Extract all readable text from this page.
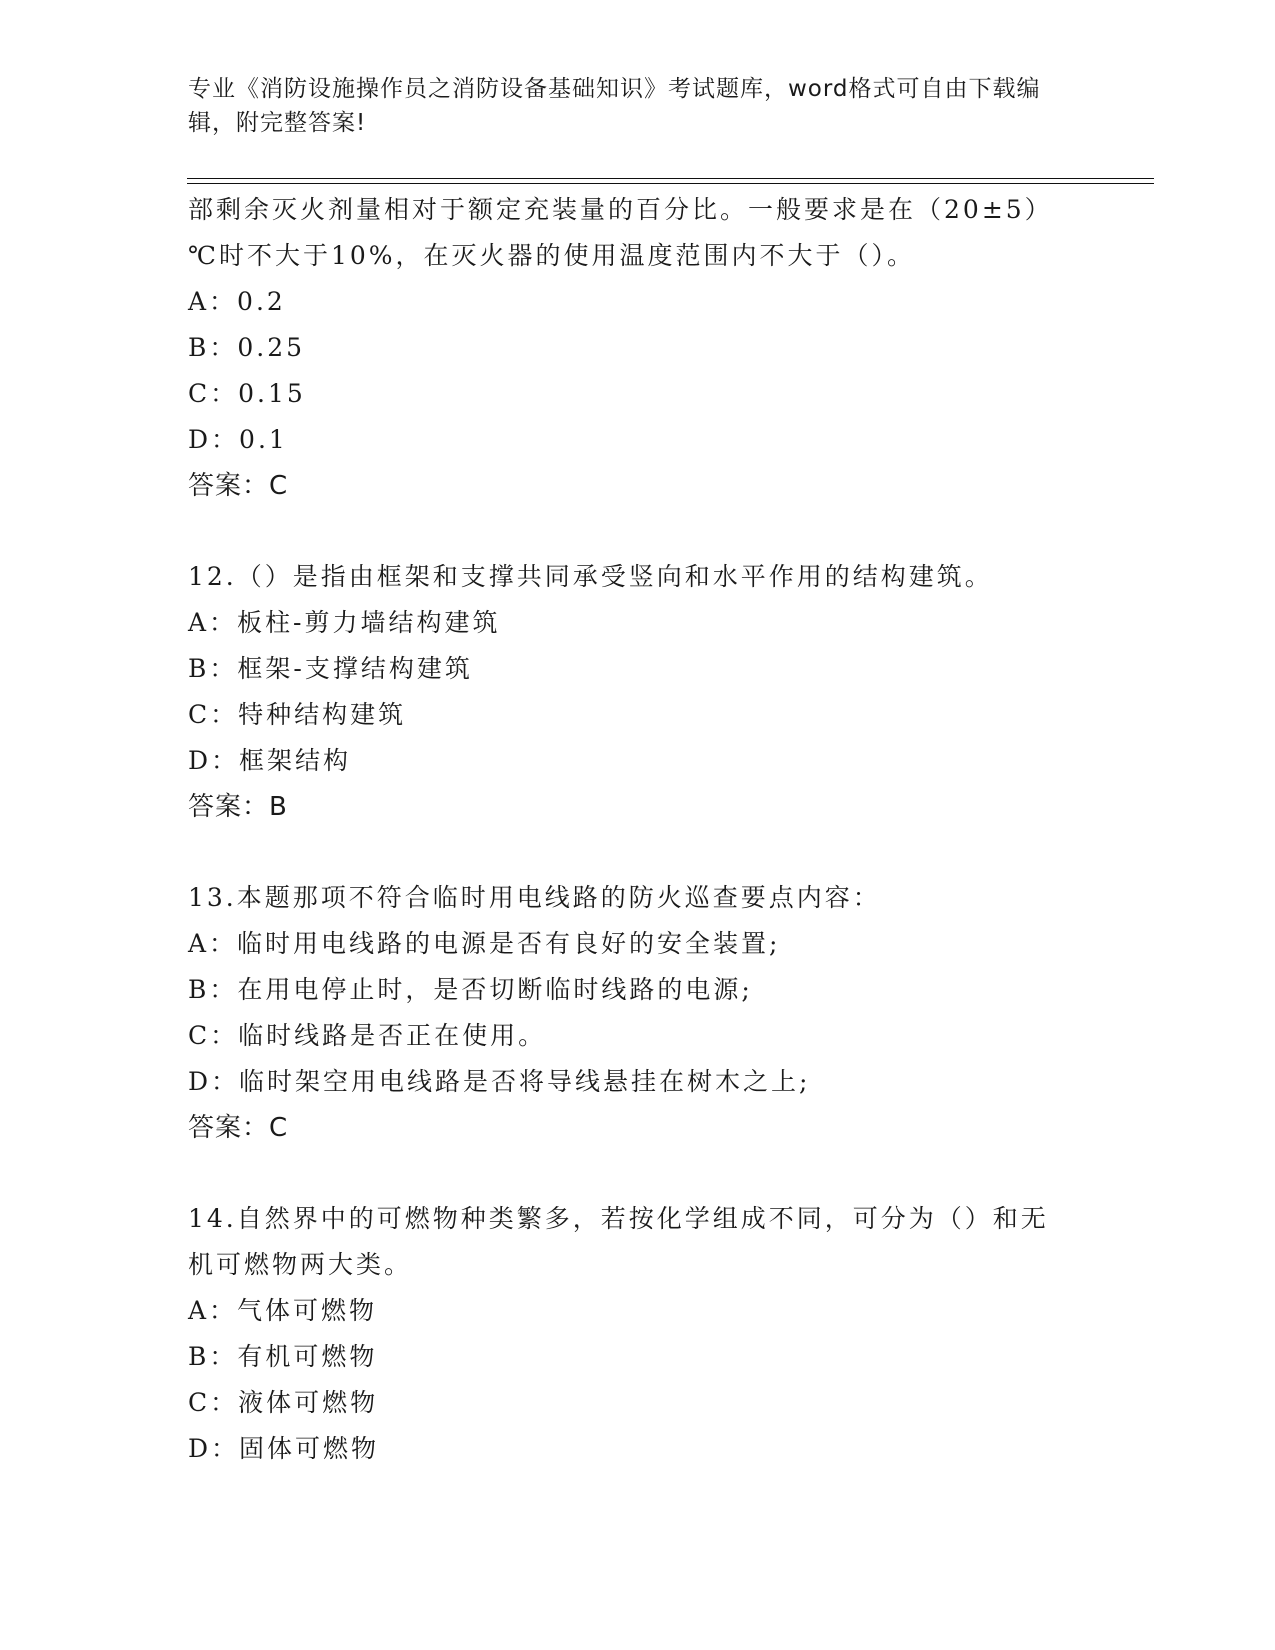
专业《消防设施操作员之消防设备基础知识》考试题库，word格式可自由下载编
辑，附完整答案!
部剩余灭火剂量相对于额定充装量的百分比。一般要求是在（20±5）
℃时不大于10%，在灭火器的使用温度范围内不大于（）。
A：0.2
B：0.25
C：0.15
D：0.1
答案：C
12.（）是指由框架和支撑共同承受竖向和水平作用的结构建筑。
A：板柱-剪力墙结构建筑
B：框架-支撑结构建筑
C：特种结构建筑
D：框架结构
答案：B
13.本题那项不符合临时用电线路的防火巡查要点内容：
A：临时用电线路的电源是否有良好的安全装置;
B：在用电停止时，是否切断临时线路的电源;
C：临时线路是否正在使用。
D：临时架空用电线路是否将导线悬挂在树木之上;
答案：C
14.自然界中的可燃物种类繁多，若按化学组成不同，可分为（）和无
机可燃物两大类。
A：气体可燃物
B：有机可燃物
C：液体可燃物
D：固体可燃物
